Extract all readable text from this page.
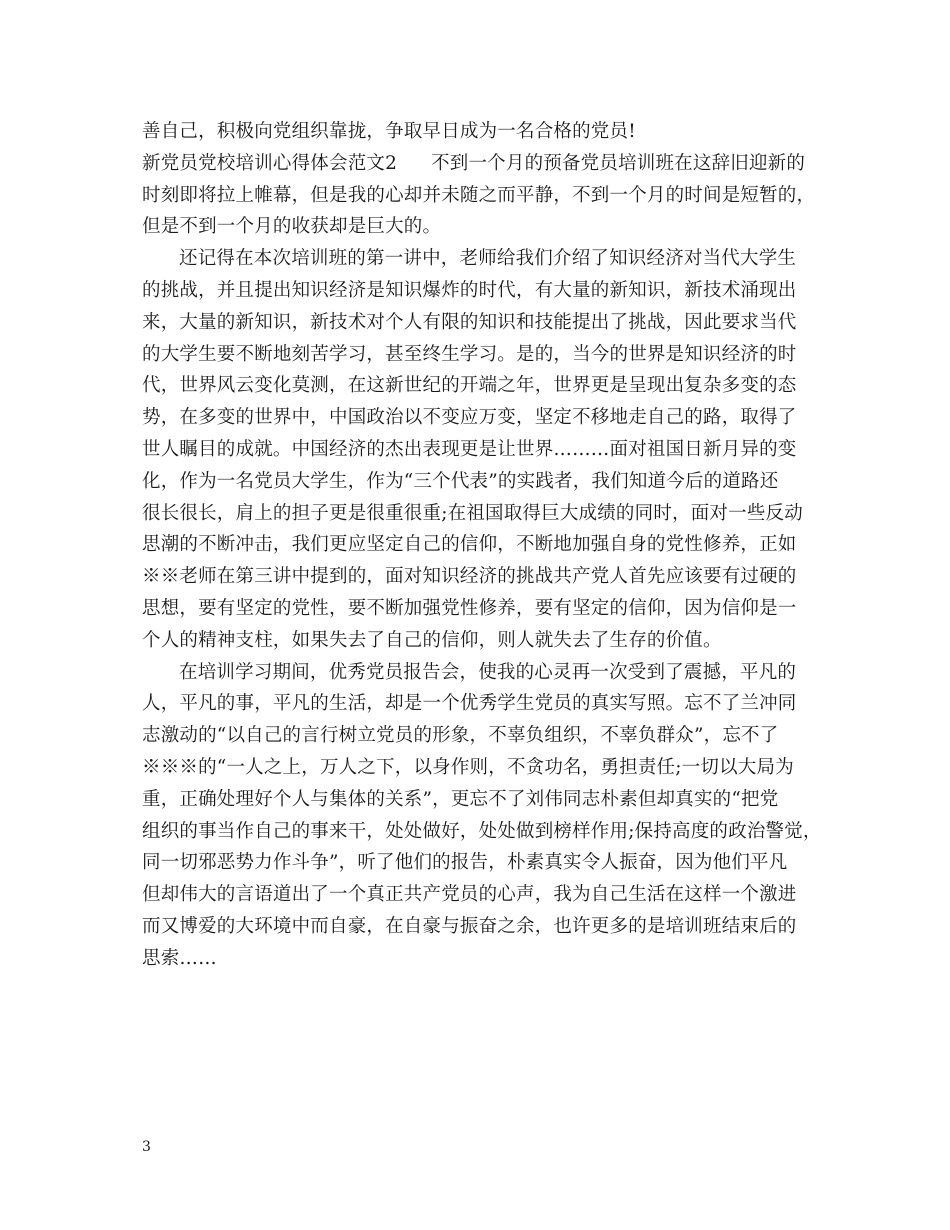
善自己，积极向党组织靠拢，争取早日成为一名合格的党员!
新党员党校培训心得体会范文2 不到一个月的预备党员培训班在这辞旧迎新的
时刻即将拉上帷幕，但是我的心却并未随之而平静，不到一个月的时间是短暂的，
但是不到一个月的收获却是巨大的。
还记得在本次培训班的第一讲中，老师给我们介绍了知识经济对当代大学生
的挑战，并且提出知识经济是知识爆炸的时代，有大量的新知识，新技术涌现出
来，大量的新知识，新技术对个人有限的知识和技能提出了挑战，因此要求当代
的大学生要不断地刻苦学习，甚至终生学习。是的，当今的世界是知识经济的时
代，世界风云变化莫测，在这新世纪的开端之年，世界更是呈现出复杂多变的态
势，在多变的世界中，中国政治以不变应万变，坚定不移地走自己的路，取得了
世人瞩目的成就。中国经济的杰出表现更是让世界………面对祖国日新月异的变
化，作为一名党员大学生，作为“三个代表”的实践者，我们知道今后的道路还
很长很长，肩上的担子更是很重很重;在祖国取得巨大成绩的同时，面对一些反动
思潮的不断冲击，我们更应坚定自己的信仰，不断地加强自身的党性修养，正如
※※老师在第三讲中提到的，面对知识经济的挑战共产党人首先应该要有过硬的
思想，要有坚定的党性，要不断加强党性修养，要有坚定的信仰，因为信仰是一
个人的精神支柱，如果失去了自己的信仰，则人就失去了生存的价值。
在培训学习期间，优秀党员报告会，使我的心灵再一次受到了震撼，平凡的
人，平凡的事，平凡的生活，却是一个优秀学生党员的真实写照。忘不了兰冲同
志激动的“以自己的言行树立党员的形象，不辜负组织，不辜负群众”，忘不了
※※※的“一人之上，万人之下，以身作则，不贪功名，勇担责任;一切以大局为
重，正确处理好个人与集体的关系”，更忘不了刘伟同志朴素但却真实的“把党
组织的事当作自己的事来干，处处做好，处处做到榜样作用;保持高度的政治警觉，
同一切邪恶势力作斗争”，听了他们的报告，朴素真实令人振奋，因为他们平凡
但却伟大的言语道出了一个真正共产党员的心声，我为自己生活在这样一个激进
而又博爱的大环境中而自豪，在自豪与振奋之余，也许更多的是培训班结束后的
思索……
3
